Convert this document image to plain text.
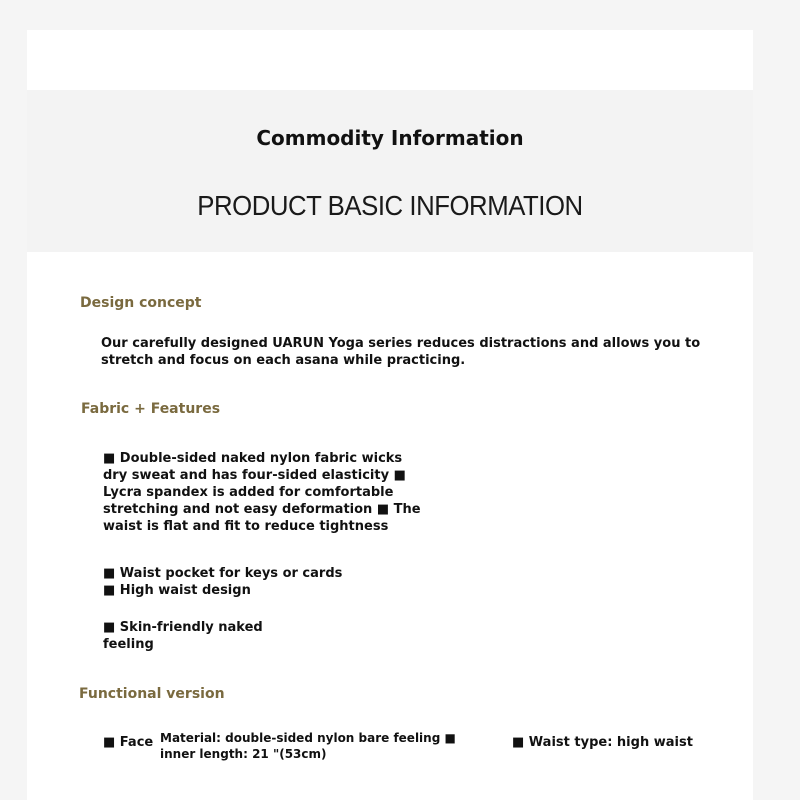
Commodity Information
PRODUCT BASIC INFORMATION
Design concept
Our carefully designed UARUN Yoga series reduces distractions and allows you to stretch and focus on each asana while practicing.
Fabric + Features
■ Double-sided naked nylon fabric wicks dry sweat and has four-sided elasticity ■ Lycra spandex is added for comfortable stretching and not easy deformation ■ The waist is flat and fit to reduce tightness
■ Waist pocket for keys or cards
■ High waist design
■ Skin-friendly naked feeling
Functional version
■ Face Material: double-sided nylon bare feeling ■ inner length: 21 "(53cm)
■ Waist type: high waist
